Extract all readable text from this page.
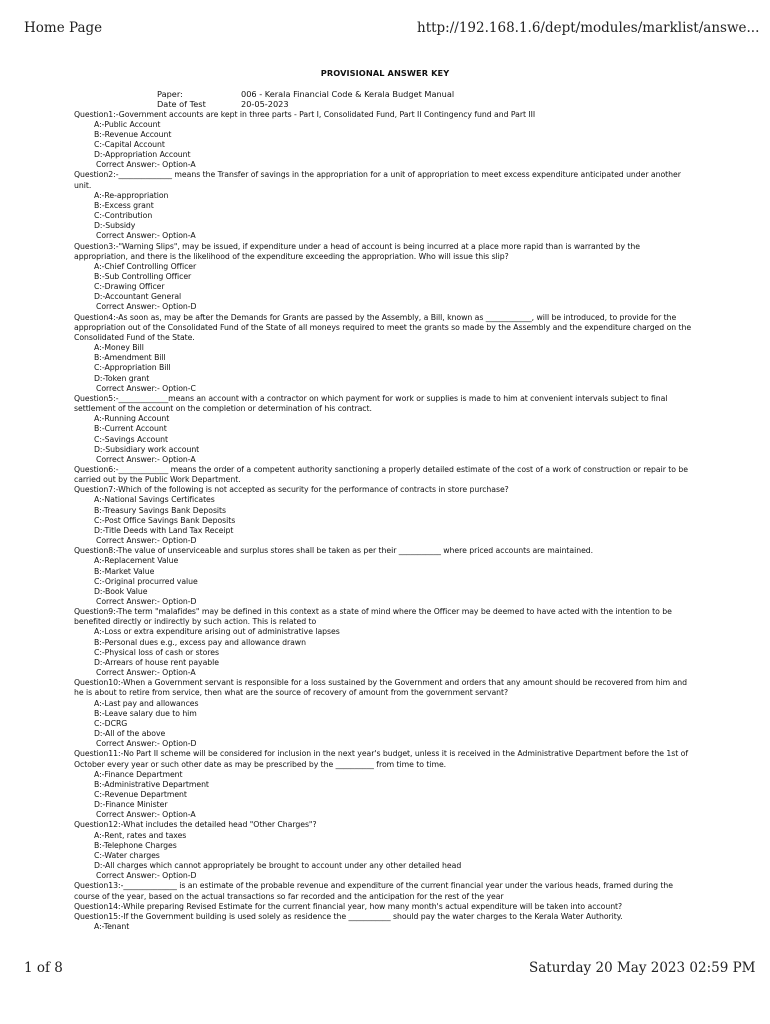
Home Page	http://192.168.1.6/dept/modules/marklist/answe...
PROVISIONAL ANSWER KEY
Paper:	006 - Kerala Financial Code & Kerala Budget Manual
Date of Test	20-05-2023
Question1:-Government accounts are kept in three parts - Part I, Consolidated Fund, Part II Contingency fund and Part III
A:-Public Account
B:-Revenue Account
C:-Capital Account
D:-Appropriation Account
Correct Answer:- Option-A
Question2:-______________ means the Transfer of savings in the appropriation for a unit of appropriation to meet excess expenditure anticipated under another unit.
A:-Re-appropriation
B:-Excess grant
C:-Contribution
D:-Subsidy
Correct Answer:- Option-A
Question3:-"Warning Slips", may be issued, if expenditure under a head of account is being incurred at a place more rapid than is warranted by the appropriation, and there is the likelihood of the expenditure exceeding the appropriation. Who will issue this slip?
A:-Chief Controlling Officer
B:-Sub Controlling Officer
C:-Drawing Officer
D:-Accountant General
Correct Answer:- Option-D
Question4:-As soon as, may be after the Demands for Grants are passed by the Assembly, a Bill, known as ____________, will be introduced, to provide for the appropriation out of the Consolidated Fund of the State of all moneys required to meet the grants so made by the Assembly and the expenditure charged on the Consolidated Fund of the State.
A:-Money Bill
B:-Amendment Bill
C:-Appropriation Bill
D:-Token grant
Correct Answer:- Option-C
Question5:-_____________means an account with a contractor on which payment for work or supplies is made to him at convenient intervals subject to final settlement of the account on the completion or determination of his contract.
A:-Running Account
B:-Current Account
C:-Savings Account
D:-Subsidiary work account
Correct Answer:- Option-A
Question6:-_____________ means the order of a competent authority sanctioning a properly detailed estimate of the cost of a work of construction or repair to be carried out by the Public Work Department.
Question7:-Which of the following is not accepted as security for the performance of contracts in store purchase?
A:-National Savings Certificates
B:-Treasury Savings Bank Deposits
C:-Post Office Savings Bank Deposits
D:-Title Deeds with Land Tax Receipt
Correct Answer:- Option-D
Question8:-The value of unserviceable and surplus stores shall be taken as per their ___________ where priced accounts are maintained.
A:-Replacement Value
B:-Market Value
C:-Original procurred value
D:-Book Value
Correct Answer:- Option-D
Question9:-The term "malafides" may be defined in this context as a state of mind where the Officer may be deemed to have acted with the intention to be benefited directly or indirectly by such action. This is related to
A:-Loss or extra expenditure arising out of administrative lapses
B:-Personal dues e.g., excess pay and allowance drawn
C:-Physical loss of cash or stores
D:-Arrears of house rent payable
Correct Answer:- Option-A
Question10:-When a Government servant is responsible for a loss sustained by the Government and orders that any amount should be recovered from him and he is about to retire from service, then what are the source of recovery of amount from the government servant?
A:-Last pay and allowances
B:-Leave salary due to him
C:-DCRG
D:-All of the above
Correct Answer:- Option-D
Question11:-No Part II scheme will be considered for inclusion in the next year's budget, unless it is received in the Administrative Department before the 1st of October every year or such other date as may be prescribed by the __________ from time to time.
A:-Finance Department
B:-Administrative Department
C:-Revenue Department
D:-Finance Minister
Correct Answer:- Option-A
Question12:-What includes the detailed head "Other Charges"?
A:-Rent, rates and taxes
B:-Telephone Charges
C:-Water charges
D:-All charges which cannot appropriately be brought to account under any other detailed head
Correct Answer:- Option-D
Question13:-______________ is an estimate of the probable revenue and expenditure of the current financial year under the various heads, framed during the course of the year, based on the actual transactions so far recorded and the anticipation for the rest of the year
Question14:-While preparing Revised Estimate for the current financial year, how many month's actual expenditure will be taken into account?
Question15:-If the Government building is used solely as residence the ___________ should pay the water charges to the Kerala Water Authority.
A:-Tenant
1 of 8	Saturday 20 May 2023 02:59 PM
